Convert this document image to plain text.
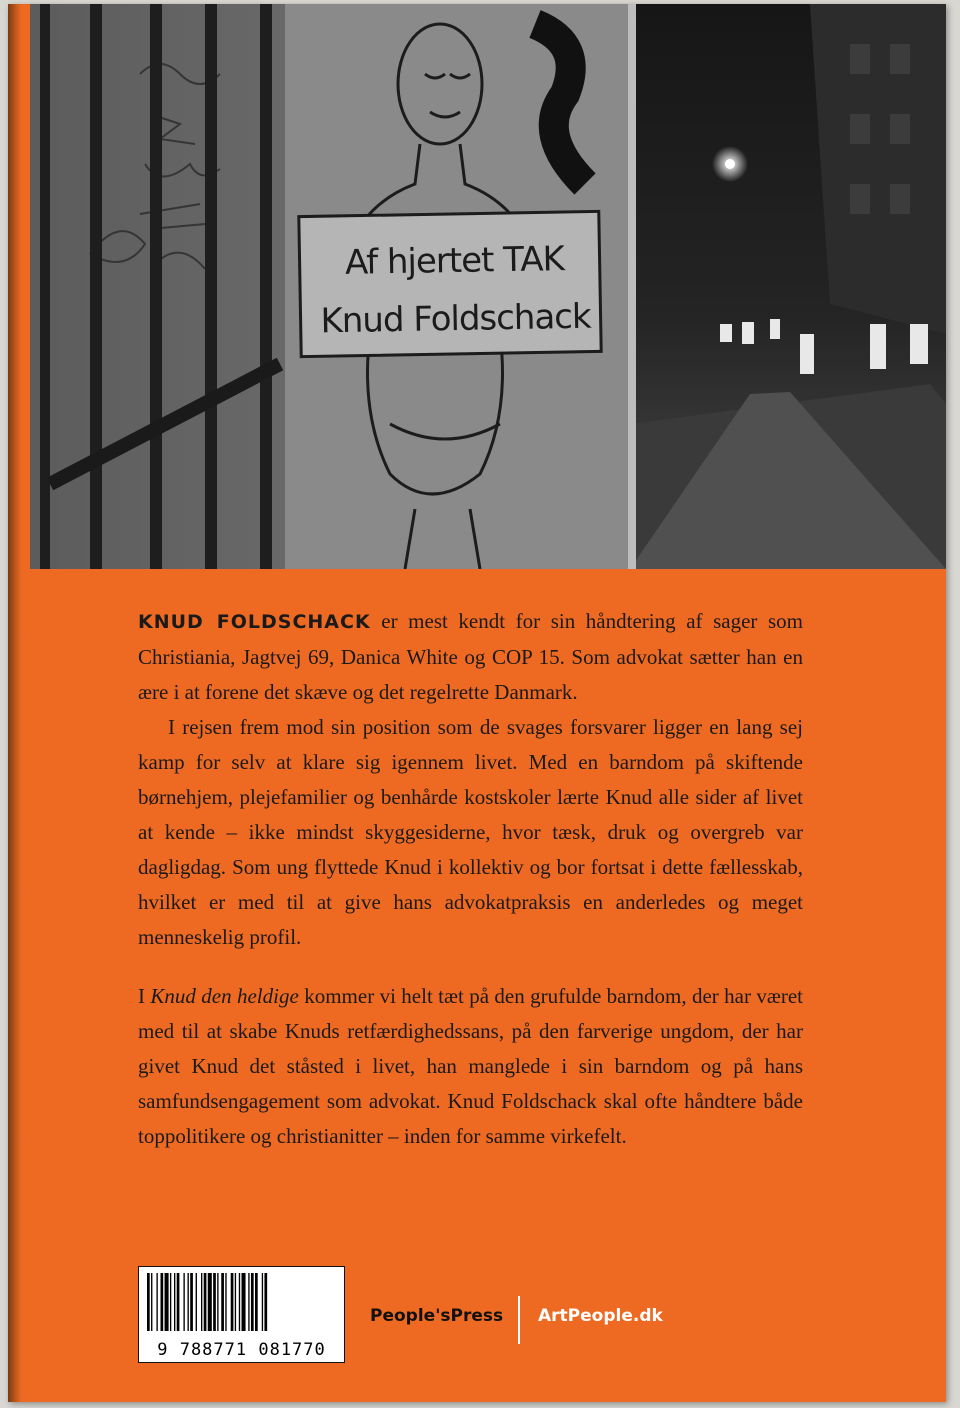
Af hjertet TAK
Knud Foldschack

KNUD FOLDSCHACK er mest kendt for sin håndtering af sager som Christiania, Jagtvej 69, Danica White og COP 15. Som advokat sætter han en ære i at forene det skæve og det regelrette Danmark.

I rejsen frem mod sin position som de svages forsvarer ligger en lang sej kamp for selv at klare sig igennem livet. Med en barndom på skiftende børnehjem, plejefamilier og benhårde kostskoler lærte Knud alle sider af livet at kende – ikke mindst skyggesiderne, hvor tæsk, druk og overgreb var dagligdag. Som ung flyttede Knud i kollektiv og bor fortsat i dette fællesskab, hvilket er med til at give hans advokatpraksis en anderledes og meget menneskelig profil.

I Knud den heldige kommer vi helt tæt på den grufulde barndom, der har været med til at skabe Knuds retfærdighedssans, på den farverige ungdom, der har givet Knud det ståsted i livet, han manglede i sin barndom og på hans samfundsengagement som advokat. Knud Foldschack skal ofte håndtere både toppolitikere og christianitter – inden for samme virkefelt.

9 788771 081770
People'sPress ArtPeople.dk
